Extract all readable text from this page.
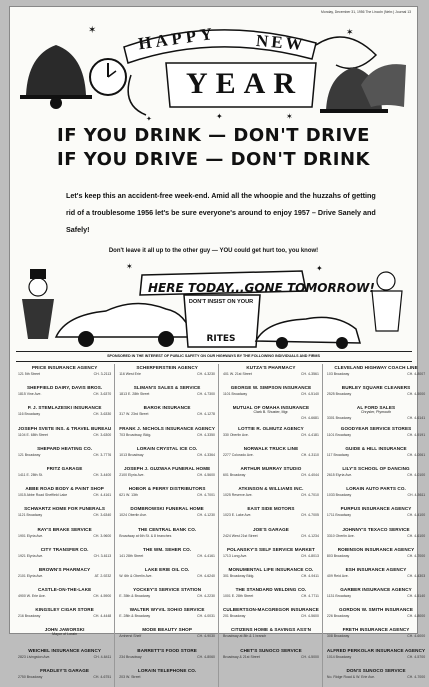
Monday, December 31, 1956 The Lincoln (Nebr.) Journal 13
✶	✶
✦
✦	✶
HAPPY NEW
YEAR
IF YOU DRINK — DON'T DRIVE
IF YOU DRIVE — DON'T DRINK
Let's keep this an accident-free week-end. Amid all the whoopie and the huzzahs of getting rid of a troublesome 1956 let's be sure everyone's around to enjoy 1957 – Drive Sanely and Safely!
Don't leave it all up to the other guy — YOU could get hurt too, you know!
✶	✦
HERE TODAY...GONE TOMORROW!
DON'T INSIST ON YOUR
RITES
SPONSORED IN THE INTEREST OF PUBLIC SAFETY ON OUR HIGHWAYS BY THE FOLLOWING INDIVIDUALS AND FIRMS
PRICE INSURANCE AGENCY
121 5th Street	CH. 3-2113
SHEFFIELD DAIRY, DAVIS BROS.
1815 Vine Ave.	CH. 3-6370
P. J. STEMLAZESKI INSURANCE
116 Broadway	CH. 3-6330
JOSEPH SVETE INS. & TRAVEL BUREAU
1104 E. 68th Street	CH. 3-6300
SHEPARD HEATING CO.
121 Broadway	CH. 3-7776
FRITZ GARAGE
1411 E. 28th St.	CH. 3-4400
ABBE ROAD BODY & PAINT SHOP
1015 Abbe Road Sheffield Lake	CH. 4-4161
SCHWARTZ HOME FOR FUNERALS
1121 Broadway	CH. 3-6340
RAY'S BRAKE SERVICE
1901 Elyria Ave.	CH. 3-9600
CITY TRANSFER CO.
1921 Elyria Ave.	CH. 3-6113
BROWN'S PHARMACY
2101 Elyria Ave.	AT. 2-9232
CASTLE-ON-THE-LAKE
4900 W. Erie Ave.	CH. 4-5900
KINGSLEY CIGAR STORE
216 Broadway	CH. 4-4448
JOHN JAWORSKI
Mayor of Lorain
WEICHEL INSURANCE AGENCY
2823 Livingston Ave.	CH. 4-6411
FRADLEY'S GARAGE
2750 Broadway	CH. 4-6751
SCHERFERSTEIN AGENCY
116 West Erie	CH. 4-3230
SLIMAN'S SALES & SERVICE
1813 E. 28th Street	CH. 4-7300
BAROK INSURANCE
317 W. 23rd Street	CH. 4-1278
FRANK J. NICHOLS INSURANCE AGENCY
703 Broadway, Bldg.	CH. 4-3350
LORAIN CRYSTAL ICE CO.
1013 Broadway	CH. 4-3364
JOSEPH J. GUZWAA FUNERAL HOME
2100 Elyria Ave.	CH. 4-5600
HOBOR & PERRY DISTRIBUTORS
621 W. 13th	CH. 4-7001
DOMBROWSKI FUNERAL HOME
1024 Oberlin Ave.	CH. 4-1230
THE CENTRAL BANK CO.
Broadway at 6th St. & 8 branches
THE WM. SEHER CO.
141 28th Street	CH. 4-4161
LAKE ERIE OIL CO.
W. 6th & Oberlin Ave.	CH. 4-6240
YOCKEY'S SERVICE STATION
E. 35th & Broadway	CH. 4-2230
WALTER WYVIL SOHIO SERVICE
E. 28th & Broadway	CH. 4-0031
MODE BEAUTY SHOP
Amherst Shelf	CH. 4-9030
BARRETT'S FOOD STORE
234 Broadway	CH. 4-8060
LORAIN TELEPHONE CO.
203 W. Street
KUTZA'S PHARMACY
401 W. 21st Street	CH. 4-3561
GEORGE W. SIMPSON INSURANCE
1101 Broadway	CH. 4-5140
MUTUAL OF OMAHA INSURANCE
Clark B. Shuster, Mgr.
CH. 4-6681
LOTTIE R. OLMUTZ AGENCY
330 Oberlin Ave.	CH. 4-4181
NORWALK TRUCK LINE
2277 Colorado Ave.	CH. 4-3110
ARTHUR MURRAY STUDIO
601 Broadway	CH. 4-4044
ATKINSON & WILLIAMS INC.
1025 Reserve Ave.	CH. 4-7010
EAST SIDE MOTORS
1023 E. Lake Ave.	CH. 4-7005
JOE'S GARAGE
2424 West 21st Street	CH. 4-1234
POLANSKY'S SELF SERVICE MARKET
1713 Long Ave.	CH. 4-8013
MONUMENTAL LIFE INSURANCE CO.
301 Broadway Bldg.	CH. 4-9411
THE STANDARD WELDING CO.
1001 E. 28th Street	CH. 4-7711
CULBERTSON-MACGREGOR INSURANCE
201 Broadway	CH. 4-5600
CITIZENS HOME & SAVINGS ASS'N
Broadway at 8th & 1 branch
CHET'S SUNOCO SERVICE
Broadway & 21st Street	CH. 4-5000
CLEVELAND HIGHWAY COACH LINE
103 Broadway	CH. 4-8007
BURLEY SQUARE CLEANERS
2525 Broadway	CH. 4-5000
AL FORD SALES
Chrysler, Plymouth
3301 Broadway	CH. 4-6141
GOODYEAR SERVICE STORES
1101 Broadway	CH. 4-9191
GUIDE & HILL INSURANCE
117 Broadway	CH. 4-0061
LILY'S SCHOOL OF DANCING
2615 Elyria Ave.	CH. 4-0100
LORAIN AUTO PARTS CO.
1033 Broadway	CH. 4-5611
PURPUS INSURANCE AGENCY
1711 Broadway	CH. 4-4100
JOHNNY'S TEXACO SERVICE
3310 Oberlin Ave.	CH. 4-6100
ROBINSON INSURANCE AGENCY
803 Broadway	CH. 4-7000
ESH INSURANCE AGENCY
409 Reid Ave.	CH. 4-4303
GARBER INSURANCE AGENCY
1131 Broadway	CH. 4-5140
GORDON W. SMITH INSURANCE
226 Broadway	CH. 4-8000
FRETH INSURANCE AGENCY
308 Broadway	CH. 4-6000
ALFRED PERKOLAR INSURANCE AGENCY
1014 Broadway	CH. 4-5700
DON'S SUNOCO SERVICE
No. Ridge Road & W. Erie Ave.	CH. 4-7000
